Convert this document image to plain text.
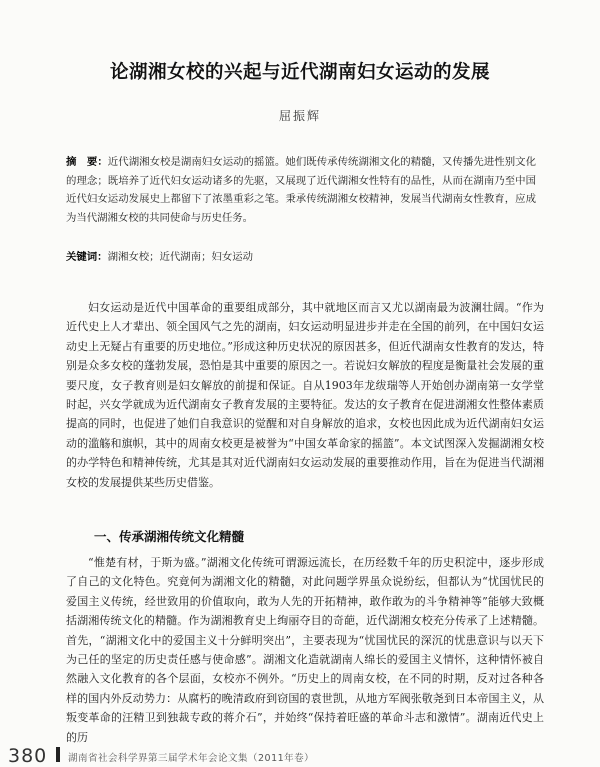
论湖湘女校的兴起与近代湖南妇女运动的发展
屈振辉
摘　要：近代湖湘女校是湖南妇女运动的摇篮。她们既传承传统湖湘文化的精髓，又传播先进性别文化的理念；既培养了近代妇女运动诸多的先驱，又展现了近代湖湘女性特有的品性，从而在湖南乃至中国近代妇女运动发展史上都留下了浓墨重彩之笔。秉承传统湖湘女校精神，发展当代湖南女性教育，应成为当代湖湘女校的共同使命与历史任务。
关键词：湖湘女校；近代湖南；妇女运动

妇女运动是近代中国革命的重要组成部分，其中就地区而言又尤以湖南最为波澜壮阔。“作为近代史上人才辈出、领全国风气之先的湖南，妇女运动明显进步并走在全国的前列，在中国妇女运动史上无疑占有重要的历史地位。”形成这种历史状况的原因甚多，但近代湖南女性教育的发达，特别是众多女校的蓬勃发展，恐怕是其中重要的原因之一。若说妇女解放的程度是衡量社会发展的重要尺度，女子教育则是妇女解放的前提和保证。自从1903年龙绂瑞等人开始创办湖南第一女学堂时起，兴女学就成为近代湖南女子教育发展的主要特征。发达的女子教育在促进湖湘女性整体素质提高的同时，也促进了她们自我意识的觉醒和对自身解放的追求，女校也因此成为近代湖南妇女运动的滥觞和旗帜，其中的周南女校更是被誉为“中国女革命家的摇篮”。本文试图深入发掘湖湘女校的办学特色和精神传统，尤其是其对近代湖南妇女运动发展的重要推动作用，旨在为促进当代湖湘女校的发展提供某些历史借鉴。

一、传承湖湘传统文化精髓

“惟楚有材，于斯为盛。”湖湘文化传统可谓源远流长，在历经数千年的历史积淀中，逐步形成了自己的文化特色。究竟何为湖湘文化的精髓，对此问题学界虽众说纷纭，但都认为“忧国忧民的爱国主义传统，经世致用的价值取向，敢为人先的开拓精神，敢作敢为的斗争精神等”能够大致概括湖湘传统文化的精髓。作为湖湘教育史上绚丽夺目的奇葩，近代湖湘女校充分传承了上述精髓。首先，“湖湘文化中的爱国主义十分鲜明突出”，主要表现为“忧国忧民的深沉的忧患意识与以天下为己任的坚定的历史责任感与使命感”。湖湘文化造就湖南人绵长的爱国主义情怀，这种情怀被自然融入文化教育的各个层面，女校亦不例外。“历史上的周南女校，在不同的时期，反对过各种各样的国内外反动势力：从腐朽的晚清政府到窃国的袁世凯，从地方军阀张敬尧到日本帝国主义，从叛变革命的汪精卫到独裁专政的蒋介石”，并始终“保持着旺盛的革命斗志和激情”。湖南近代史上的历

380 湖南省社会科学界第三届学术年会论文集（2011年卷）
